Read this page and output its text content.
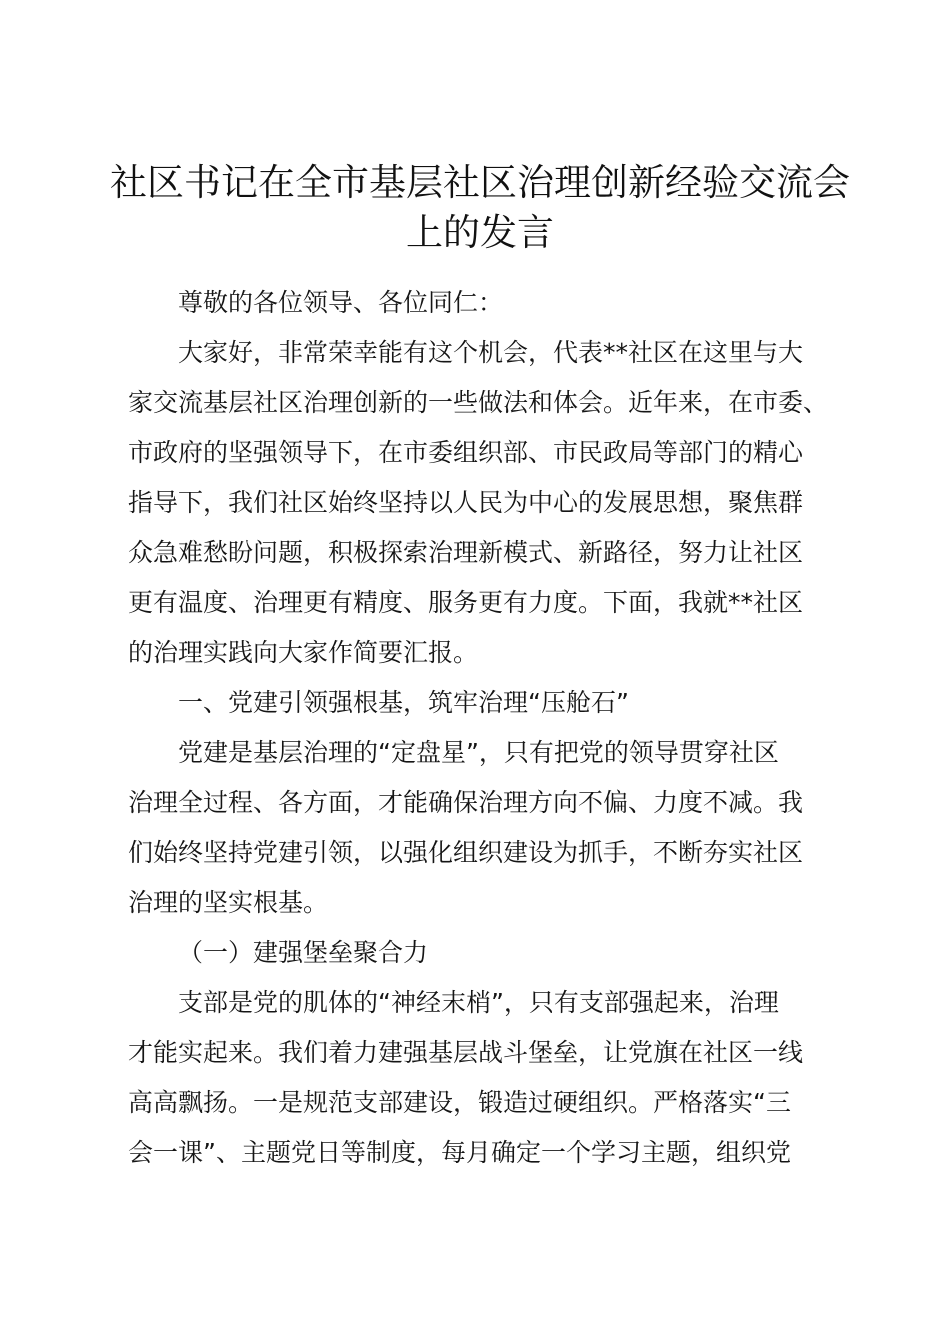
社区书记在全市基层社区治理创新经验交流会
上的发言

尊敬的各位领导、各位同仁：

大家好，非常荣幸能有这个机会，代表**社区在这里与大

家交流基层社区治理创新的一些做法和体会。近年来，在市委、

市政府的坚强领导下，在市委组织部、市民政局等部门的精心

指导下，我们社区始终坚持以人民为中心的发展思想，聚焦群

众急难愁盼问题，积极探索治理新模式、新路径，努力让社区

更有温度、治理更有精度、服务更有力度。下面，我就**社区

的治理实践向大家作简要汇报。

一、党建引领强根基，筑牢治理“压舱石”

党建是基层治理的“定盘星”，只有把党的领导贯穿社区

治理全过程、各方面，才能确保治理方向不偏、力度不减。我

们始终坚持党建引领，以强化组织建设为抓手，不断夯实社区

治理的坚实根基。

（一）建强堡垒聚合力

支部是党的肌体的“神经末梢”，只有支部强起来，治理

才能实起来。我们着力建强基层战斗堡垒，让党旗在社区一线

高高飘扬。一是规范支部建设，锻造过硬组织。严格落实“三

会一课”、主题党日等制度，每月确定一个学习主题，组织党
